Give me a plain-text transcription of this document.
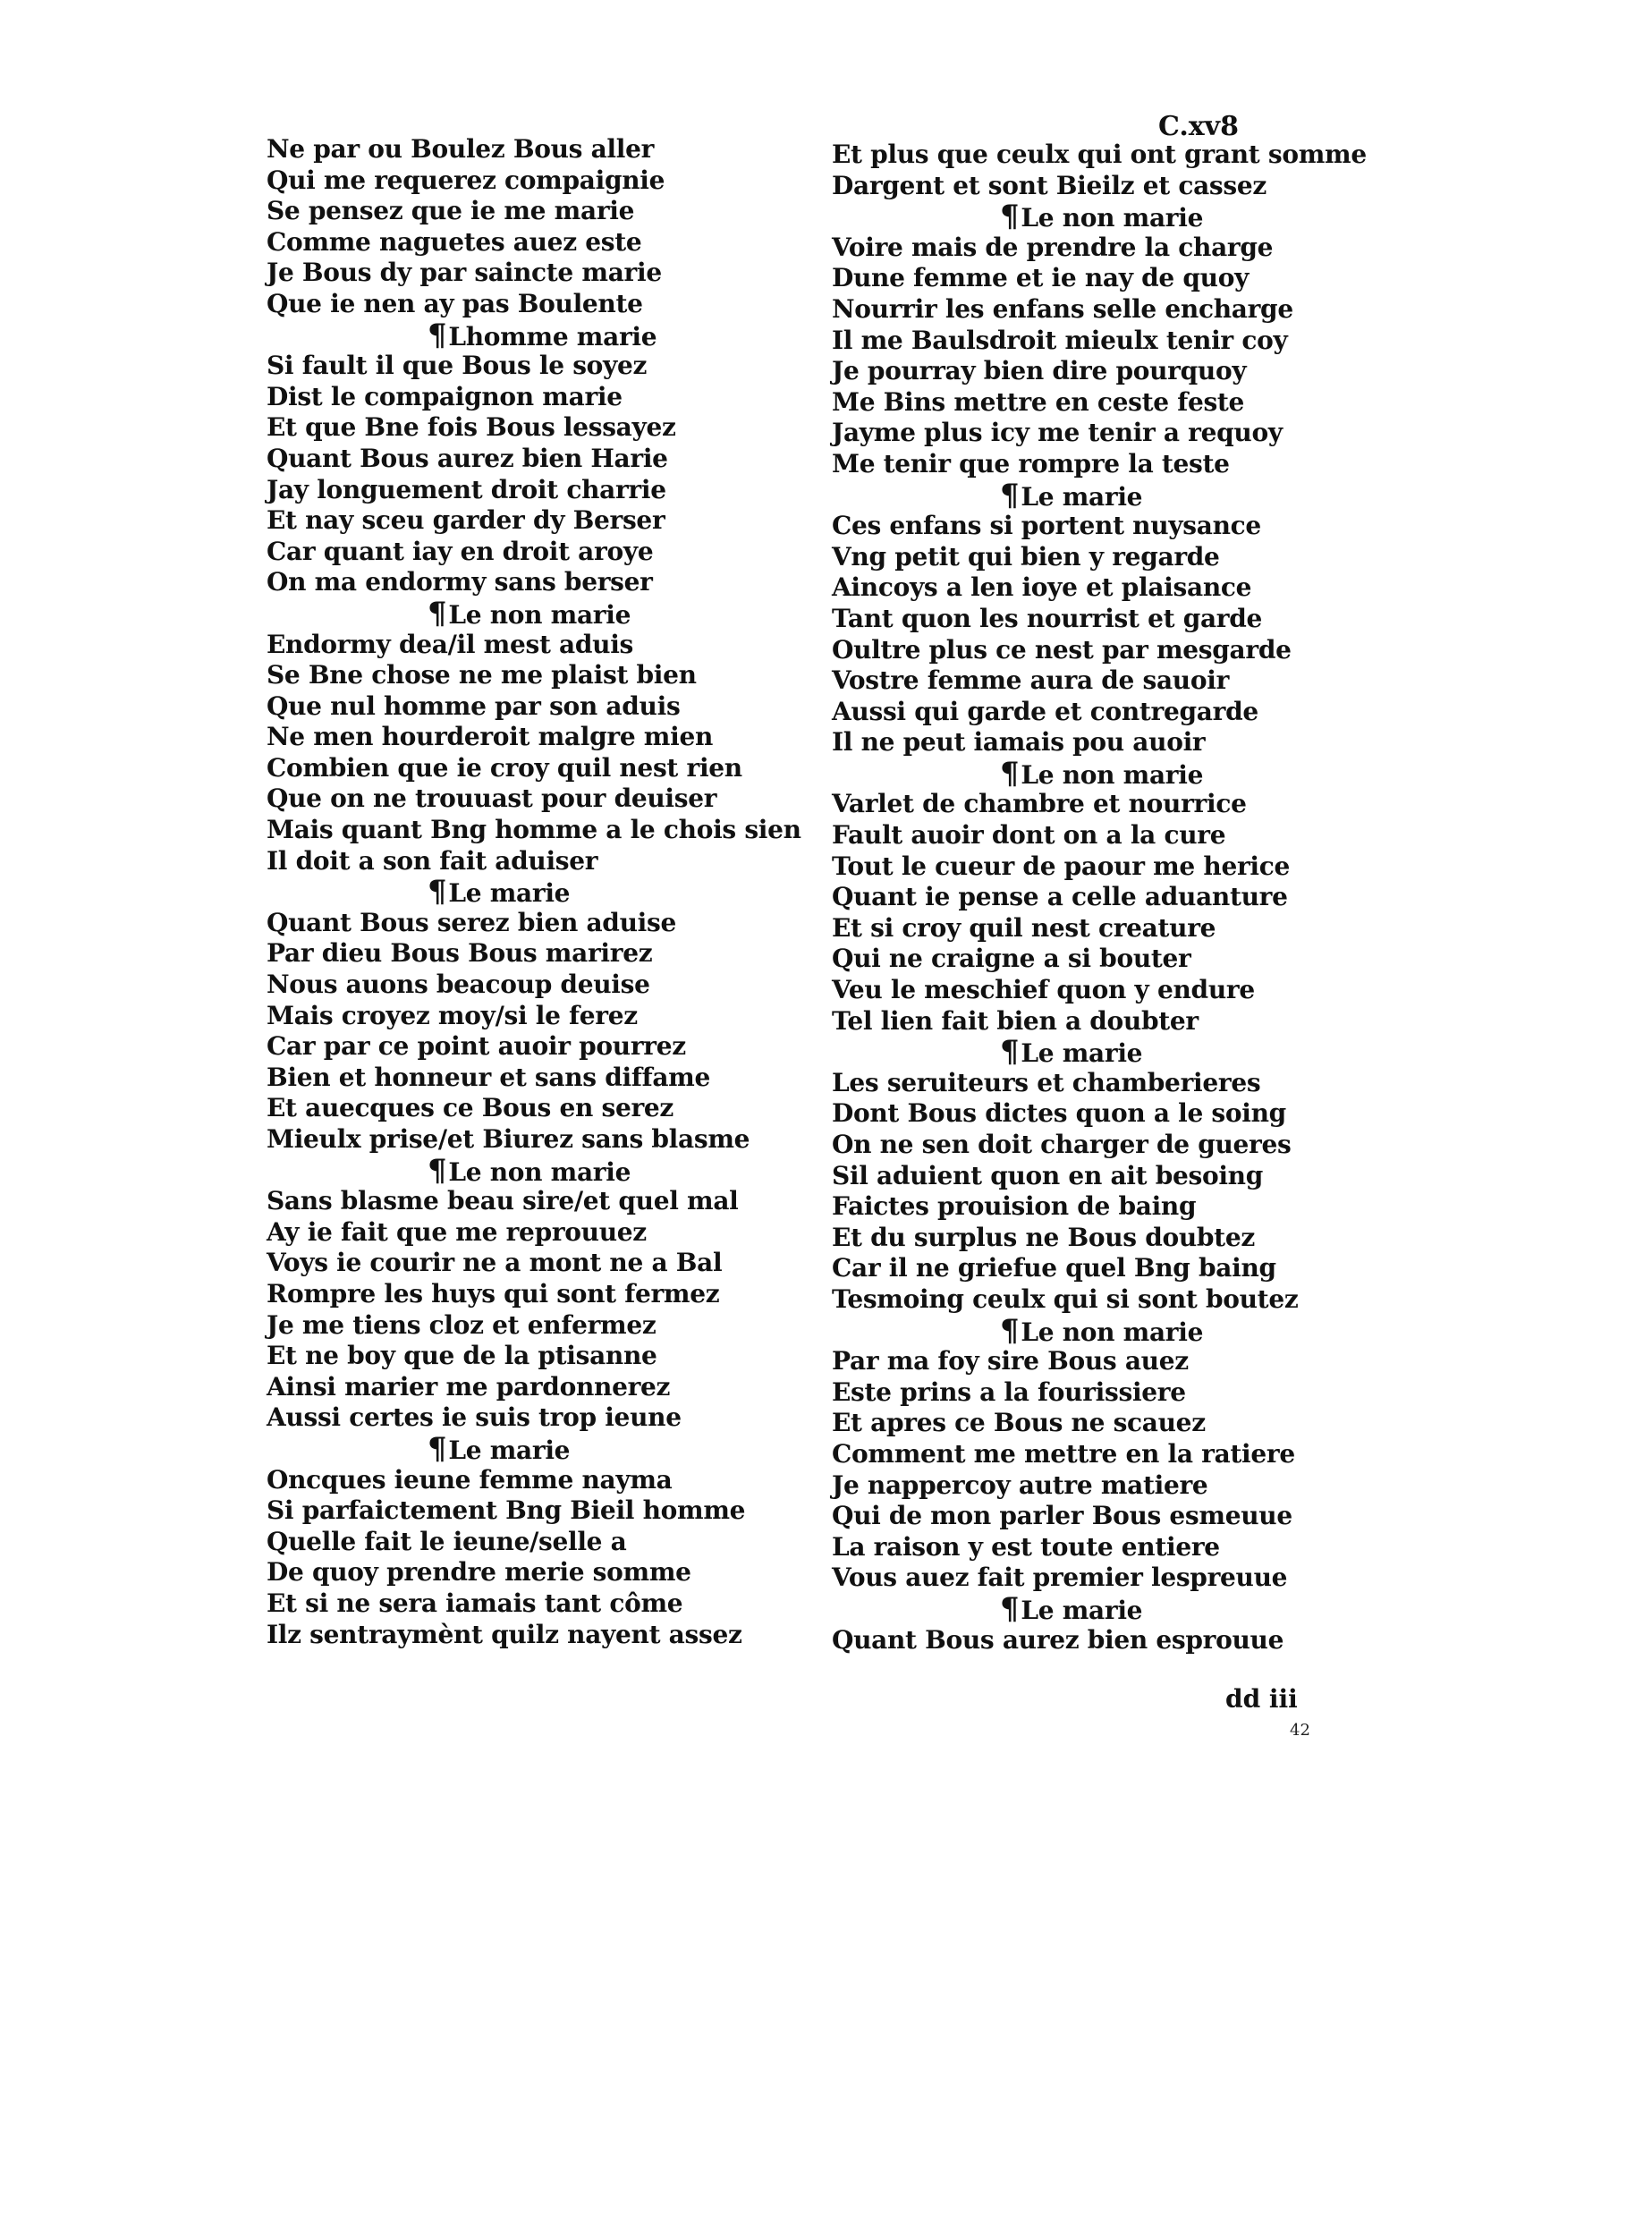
C.xv8
Ne par ou Boulez Bous aller
Qui me requerez compaignie
Se pensez que ie me marie
Comme naguetes auez este
Je Bous dy par saincte marie
Que ie nen ay pas Boulente
¶Lhomme marie
Si fault il que Bous le soyez
Dist le compaignon marie
Et que Bne fois Bous lessayez
Quant Bous aurez bien Harie
Jay longuement droit charrie
Et nay sceu garder dy Berser
Car quant iay en droit aroye
On ma endormy sans berser
¶Le non marie
Endormy dea/il mest aduis
Se Bne chose ne me plaist bien
Que nul homme par son aduis
Ne men hourderoit malgre mien
Combien que ie croy quil nest rien
Que on ne trouuast pour deuiser
Mais quant Bng homme a le chois sien
Il doit a son fait aduiser
¶Le marie
Quant Bous serez bien aduise
Par dieu Bous Bous marirez
Nous auons beacoup deuise
Mais croyez moy/si le ferez
Car par ce point auoir pourrez
Bien et honneur et sans diffame
Et auecques ce Bous en serez
Mieulx prise/et Biurez sans blasme
¶Le non marie
Sans blasme beau sire/et quel mal
Ay ie fait que me reprouuez
Voys ie courir ne a mont ne a Bal
Rompre les huys qui sont fermez
Je me tiens cloz et enfermez
Et ne boy que de la ptisanne
Ainsi marier me pardonnerez
Aussi certes ie suis trop ieune
¶Le marie
Oncques ieune femme nayma
Si parfaictement Bng Bieil homme
Quelle fait le ieune/selle a
De quoy prendre merie somme
Et si ne sera iamais tant côme
Ilz sentraymènt quilz nayent assez
Et plus que ceulx qui ont grant somme
Dargent et sont Bieilz et cassez
¶Le non marie
Voire mais de prendre la charge
Dune femme et ie nay de quoy
Nourrir les enfans selle encharge
Il me Baulsdroit mieulx tenir coy
Je pourray bien dire pourquoy
Me Bins mettre en ceste feste
Jayme plus icy me tenir a requoy
Me tenir que rompre la teste
¶Le marie
Ces enfans si portent nuysance
Vng petit qui bien y regarde
Aincoys a len ioye et plaisance
Tant quon les nourrist et garde
Oultre plus ce nest par mesgarde
Vostre femme aura de sauoir
Aussi qui garde et contregarde
Il ne peut iamais pou auoir
¶Le non marie
Varlet de chambre et nourrice
Fault auoir dont on a la cure
Tout le cueur de paour me herice
Quant ie pense a celle aduanture
Et si croy quil nest creature
Qui ne craigne a si bouter
Veu le meschief quon y endure
Tel lien fait bien a doubter
¶Le marie
Les seruiteurs et chamberieres
Dont Bous dictes quon a le soing
On ne sen doit charger de gueres
Sil aduient quon en ait besoing
Faictes prouision de baing
Et du surplus ne Bous doubtez
Car il ne griefue quel Bng baing
Tesmoing ceulx qui si sont boutez
¶Le non marie
Par ma foy sire Bous auez
Este prins a la fourissiere
Et apres ce Bous ne scauez
Comment me mettre en la ratiere
Je nappercoy autre matiere
Qui de mon parler Bous esmeuue
La raison y est toute entiere
Vous auez fait premier lespreuue
¶Le marie
Quant Bous aurez bien esprouue
dd iii
42
